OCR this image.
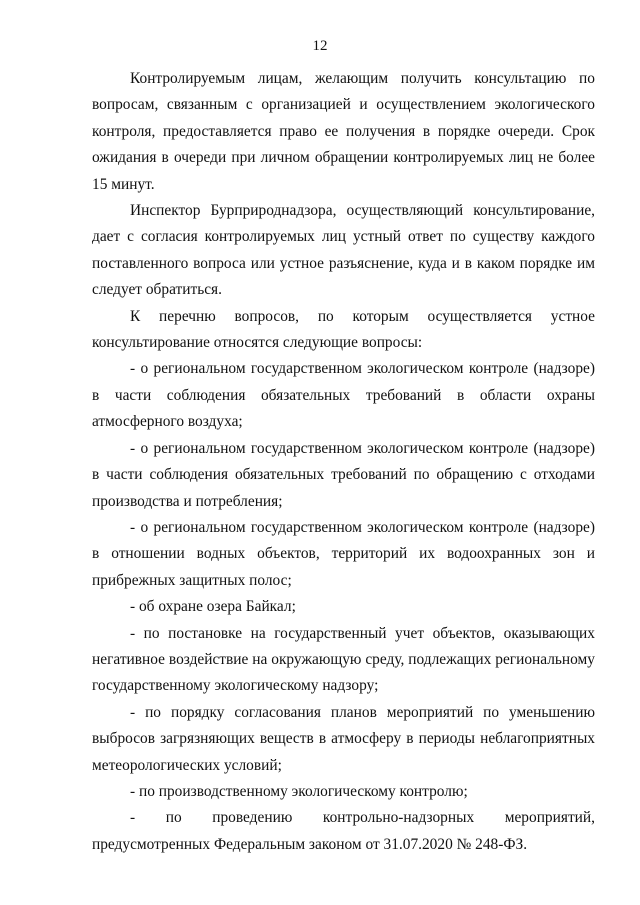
12

Контролируемым лицам, желающим получить консультацию по вопросам, связанным с организацией и осуществлением экологического контроля, предоставляется право ее получения в порядке очереди. Срок ожидания в очереди при личном обращении контролируемых лиц не более 15 минут.

Инспектор Бурприроднадзора, осуществляющий консультирование, дает с согласия контролируемых лиц устный ответ по существу каждого поставленного вопроса или устное разъяснение, куда и в каком порядке им следует обратиться.

К перечню вопросов, по которым осуществляется устное консультирование относятся следующие вопросы:

- о региональном государственном экологическом контроле (надзоре) в части соблюдения обязательных требований в области охраны атмосферного воздуха;

- о региональном государственном экологическом контроле (надзоре) в части соблюдения обязательных требований по обращению с отходами производства и потребления;

- о региональном государственном экологическом контроле (надзоре) в отношении водных объектов, территорий их водоохранных зон и прибрежных защитных полос;

- об охране озера Байкал;

- по постановке на государственный учет объектов, оказывающих негативное воздействие на окружающую среду, подлежащих региональному государственному экологическому надзору;

- по порядку согласования планов мероприятий по уменьшению выбросов загрязняющих веществ в атмосферу в периоды неблагоприятных метеорологических условий;

- по производственному экологическому контролю;

- по проведению контрольно-надзорных мероприятий, предусмотренных Федеральным законом от 31.07.2020 № 248-ФЗ.
